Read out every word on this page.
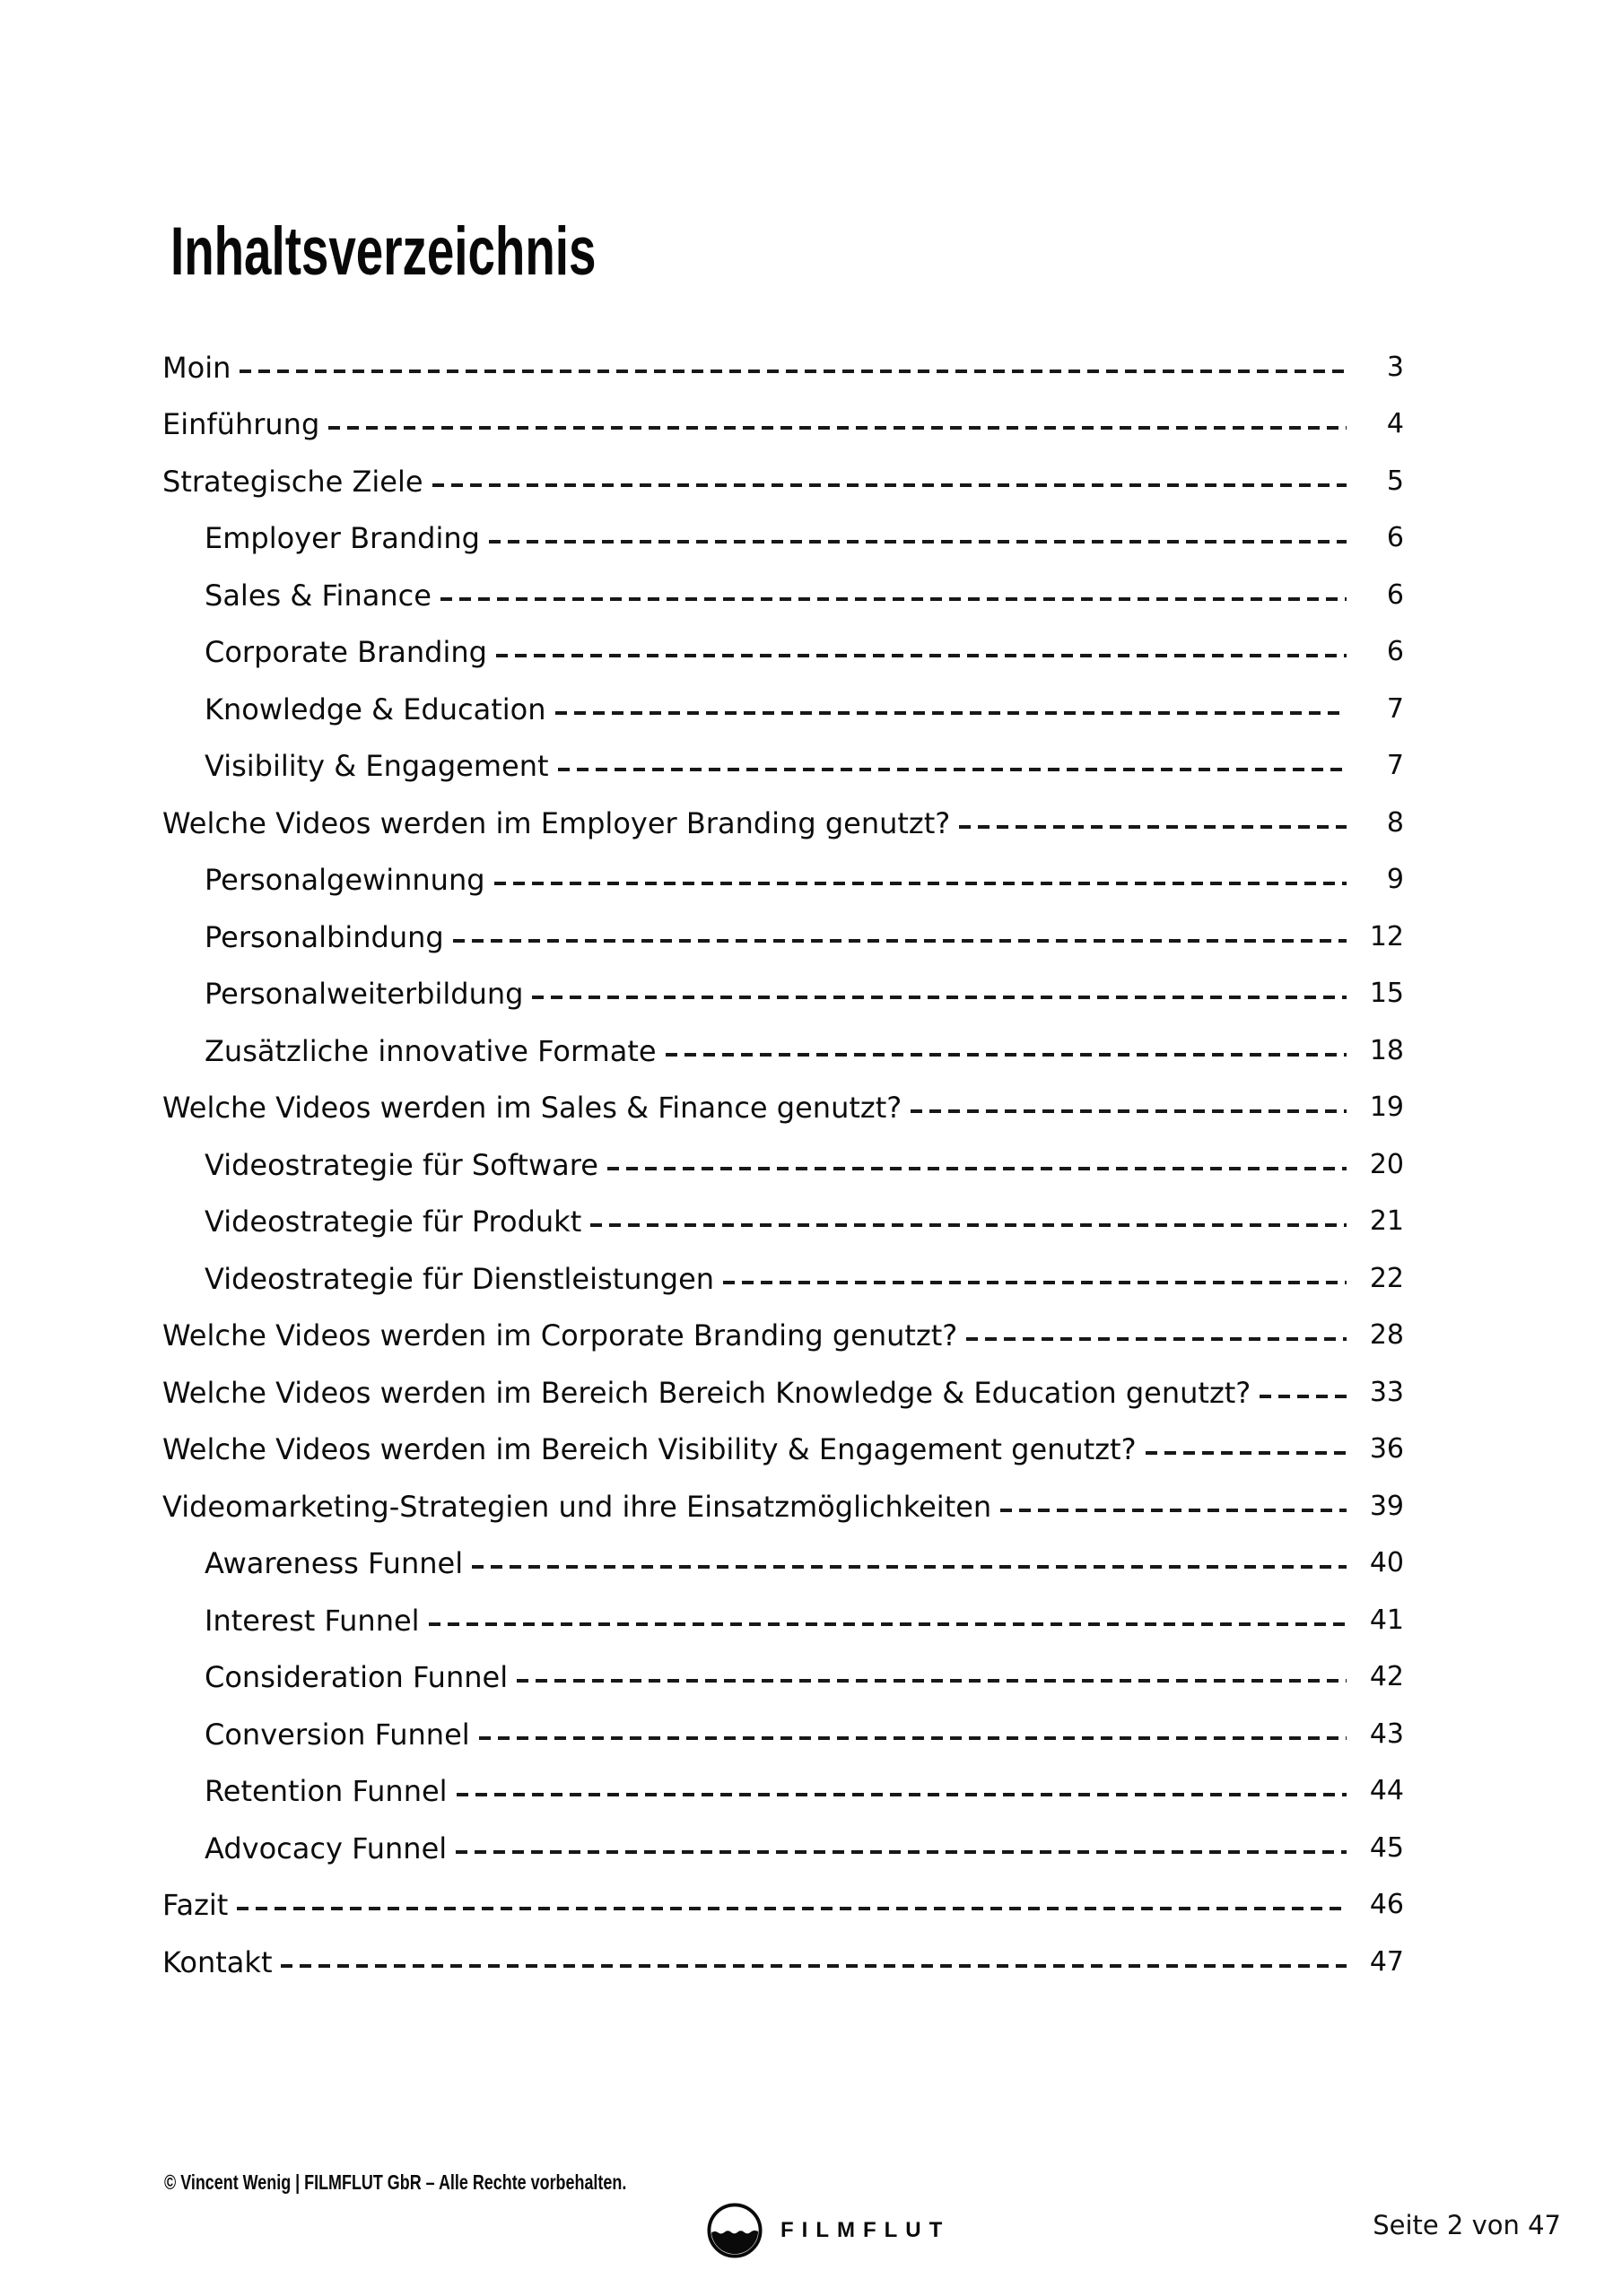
Inhaltsverzeichnis
Moin	3
Einführung	4
Strategische Ziele	5
Employer Branding	6
Sales & Finance	6
Corporate Branding	6
Knowledge & Education	7
Visibility & Engagement	7
Welche Videos werden im Employer Branding genutzt?	8
Personalgewinnung	9
Personalbindung	12
Personalweiterbildung	15
Zusätzliche innovative Formate	18
Welche Videos werden im Sales & Finance genutzt?	19
Videostrategie für Software	20
Videostrategie für Produkt	21
Videostrategie für Dienstleistungen	22
Welche Videos werden im Corporate Branding genutzt?	28
Welche Videos werden im Bereich Bereich Knowledge & Education genutzt?	33
Welche Videos werden im Bereich Visibility & Engagement genutzt?	36
Videomarketing-Strategien und ihre Einsatzmöglichkeiten	39
Awareness Funnel	40
Interest Funnel	41
Consideration Funnel	42
Conversion Funnel	43
Retention Funnel	44
Advocacy Funnel	45
Fazit	46
Kontakt	47
© Vincent Wenig | FILMFLUT GbR – Alle Rechte vorbehalten.
FILMFLUT	Seite 2 von 47
